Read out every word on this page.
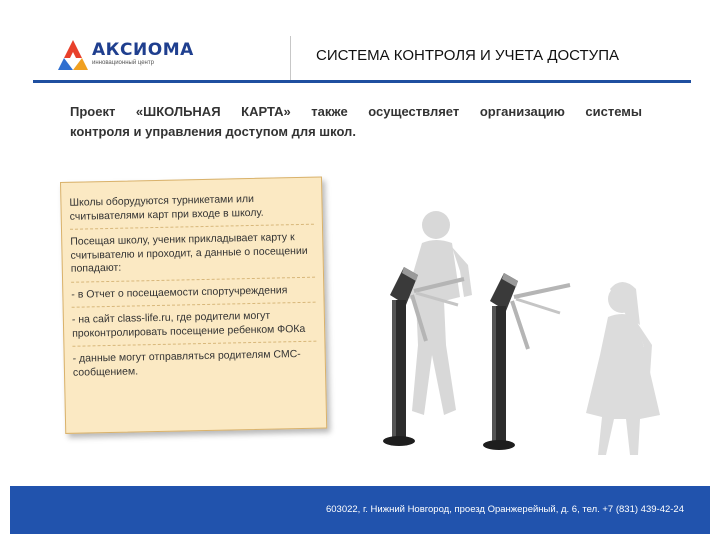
АКСИОМА
инновационный центр	СИСТЕМА КОНТРОЛЯ И УЧЕТА ДОСТУПА
Проект «ШКОЛЬНАЯ КАРТА» также осуществляет организацию системы
контроля и управления доступом для школ.

Школы оборудуются турникетами или считывателями карт при входе в школу.

Посещая школу, ученик прикладывает карту к считывателю и проходит, а данные о посещении попадают:

- в Отчет о посещаемости спортучреждения

- на сайт class-life.ru, где родители могут проконтролировать посещение ребенком ФОКа

- данные могут отправляться родителям СМС-сообщением.

603022, г. Нижний Новгород, проезд Оранжерейный, д. 6, тел. +7 (831) 439-42-24
